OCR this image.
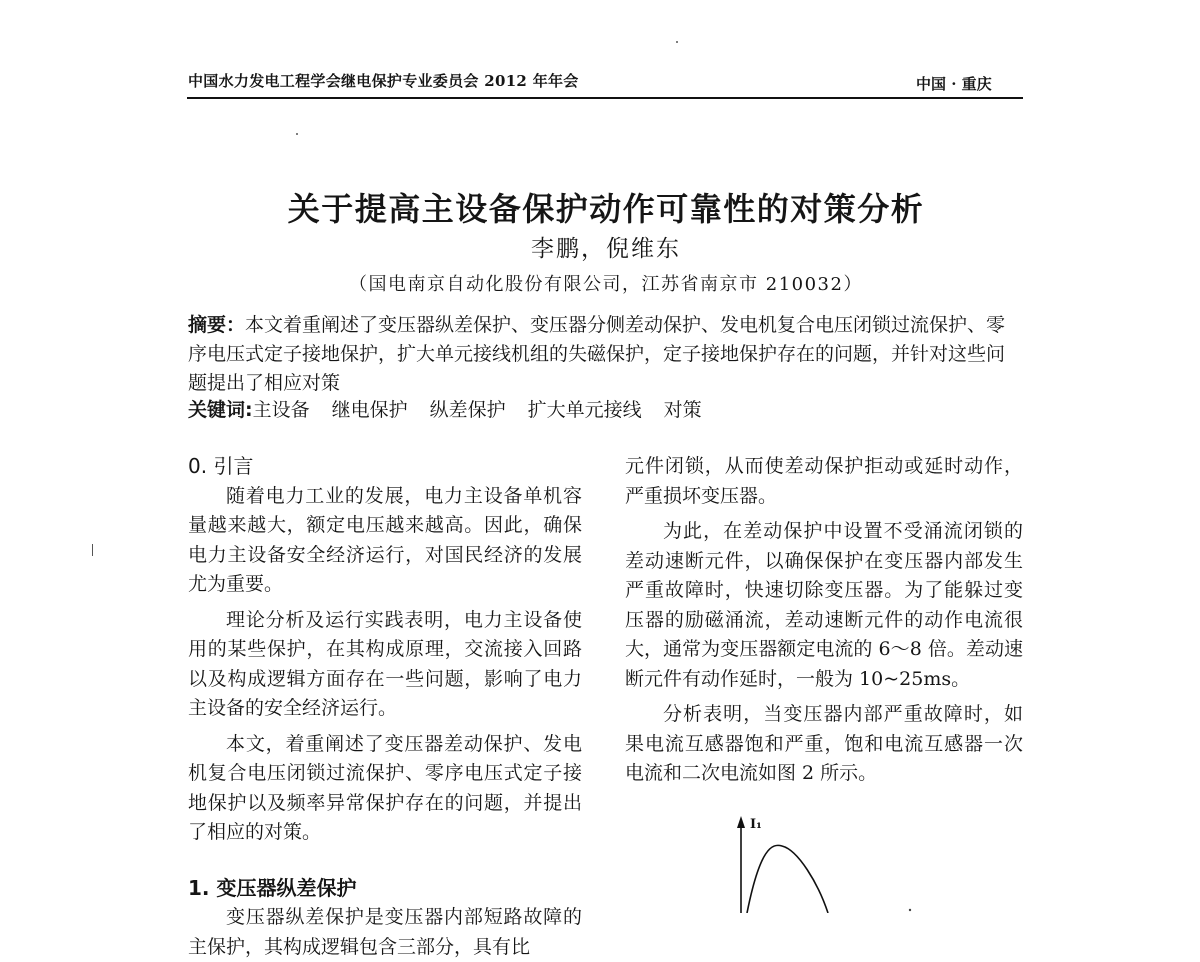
中国水力发电工程学会继电保护专业委员会 2012 年年会	中国 · 重庆
关于提高主设备保护动作可靠性的对策分析
李鹏，倪维东
（国电南京自动化股份有限公司，江苏省南京市 210032）
摘要：本文着重阐述了变压器纵差保护、变压器分侧差动保护、发电机复合电压闭锁过流保护、零序电压式定子接地保护，扩大单元接线机组的失磁保护，定子接地保护存在的问题，并针对这些问题提出了相应对策
关键词:主设备 继电保护 纵差保护 扩大单元接线 对策
0. 引言

随着电力工业的发展，电力主设备单机容量越来越大，额定电压越来越高。因此，确保电力主设备安全经济运行，对国民经济的发展尤为重要。

理论分析及运行实践表明，电力主设备使用的某些保护，在其构成原理，交流接入回路以及构成逻辑方面存在一些问题，影响了电力主设备的安全经济运行。

本文，着重阐述了变压器差动保护、发电机复合电压闭锁过流保护、零序电压式定子接地保护以及频率异常保护存在的问题，并提出了相应的对策。

1. 变压器纵差保护

变压器纵差保护是变压器内部短路故障的主保护，其构成逻辑包含三部分，具有比

元件闭锁，从而使差动保护拒动或延时动作，严重损坏变压器。

为此，在差动保护中设置不受涌流闭锁的差动速断元件，以确保保护在变压器内部发生严重故障时，快速切除变压器。为了能躲过变压器的励磁涌流，差动速断元件的动作电流很大，通常为变压器额定电流的 6～8 倍。差动速断元件有动作延时，一般为 10~25ms。

分析表明，当变压器内部严重故障时，如果电流互感器饱和严重，饱和电流互感器一次电流和二次电流如图 2 所示。

I₁
